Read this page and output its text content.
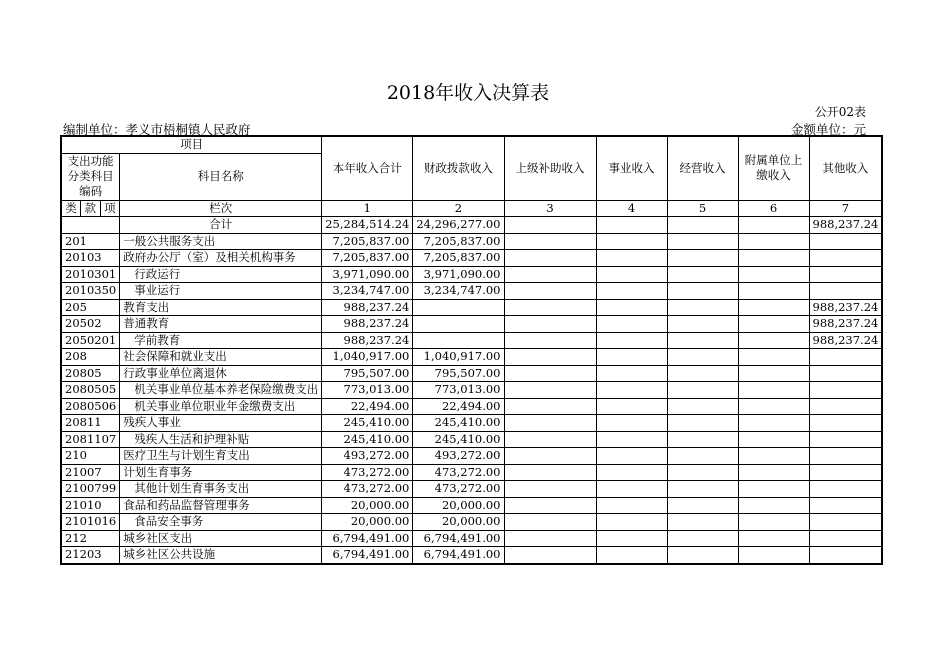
2018年收入决算表
公开02表
编制单位：孝义市梧桐镇人民政府	金额单位：元
项目				本年收入合计	财政拨款收入	上级补助收入	事业收入	经营收入	附属单位上缴收入	其他收入
支出功能分类科目编码			科目名称							

类	款	项	栏次	1	2	3	4	5	6	7
			合计	25,284,514.24	24,296,277.00					988,237.24
201			一般公共服务支出	7,205,837.00	7,205,837.00					
20103			政府办公厅（室）及相关机构事务	7,205,837.00	7,205,837.00					
2010301			行政运行	3,971,090.00	3,971,090.00					
2010350			事业运行	3,234,747.00	3,234,747.00					
205			教育支出	988,237.24						988,237.24
20502			普通教育	988,237.24						988,237.24
2050201			学前教育	988,237.24						988,237.24
208			社会保障和就业支出	1,040,917.00	1,040,917.00					
20805			行政事业单位离退休	795,507.00	795,507.00					
2080505			机关事业单位基本养老保险缴费支出	773,013.00	773,013.00					
2080506			机关事业单位职业年金缴费支出	22,494.00	22,494.00					
20811			残疾人事业	245,410.00	245,410.00					
2081107			残疾人生活和护理补贴	245,410.00	245,410.00					
210			医疗卫生与计划生育支出	493,272.00	493,272.00					
21007			计划生育事务	473,272.00	473,272.00					
2100799			其他计划生育事务支出	473,272.00	473,272.00					
21010			食品和药品监督管理事务	20,000.00	20,000.00					
2101016			食品安全事务	20,000.00	20,000.00					
212			城乡社区支出	6,794,491.00	6,794,491.00					
21203			城乡社区公共设施	6,794,491.00	6,794,491.00					
